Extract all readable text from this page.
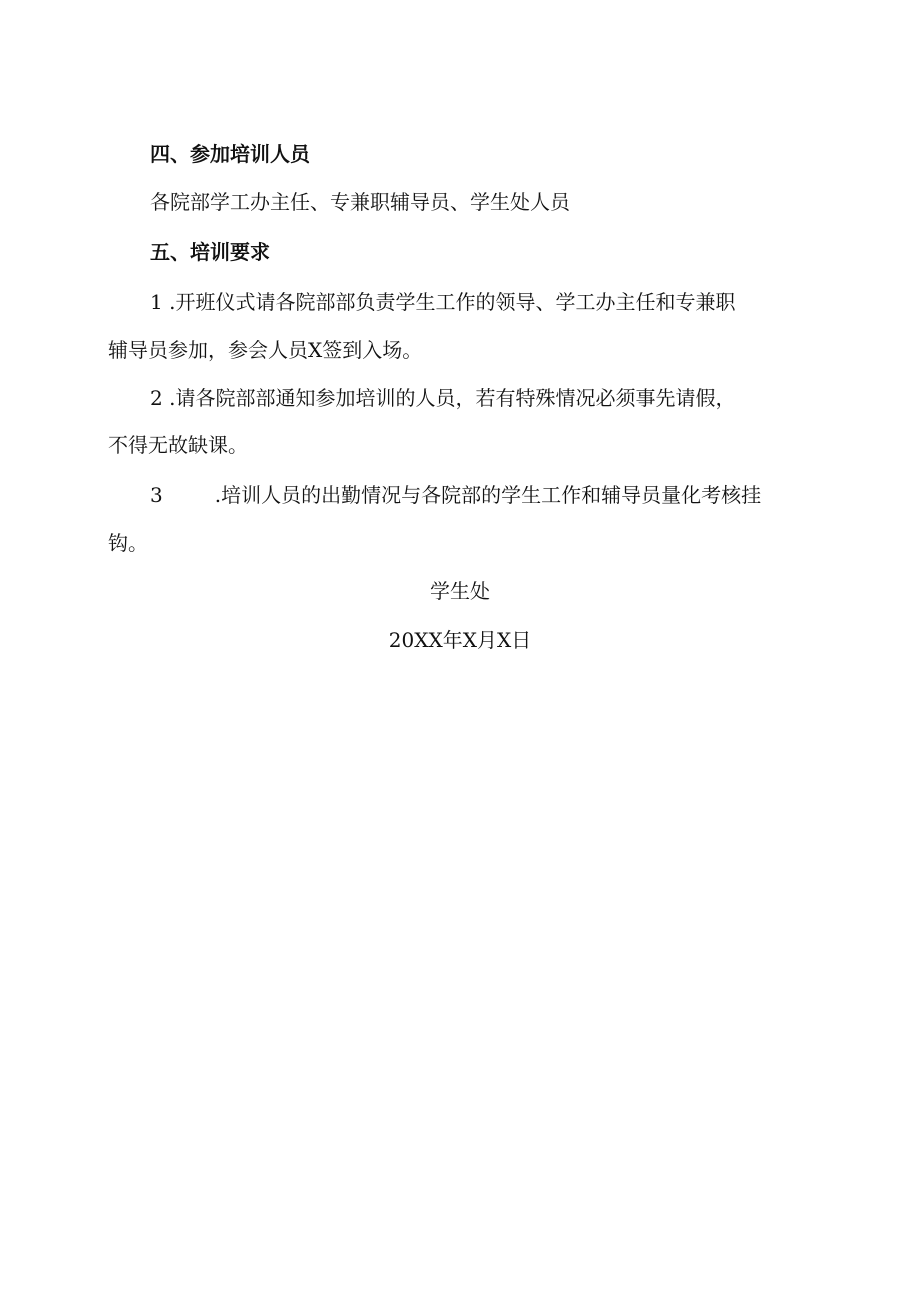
四、参加培训人员
各院部学工办主任、专兼职辅导员、学生处人员
五、培训要求
1 .开班仪式请各院部部负责学生工作的领导、学工办主任和专兼职
辅导员参加，参会人员X签到入场。
2 .请各院部部通知参加培训的人员，若有特殊情况必须事先请假，
不得无故缺课。
3	.培训人员的出勤情况与各院部的学生工作和辅导员量化考核挂
钩。
学生处
20XX年X月X日
